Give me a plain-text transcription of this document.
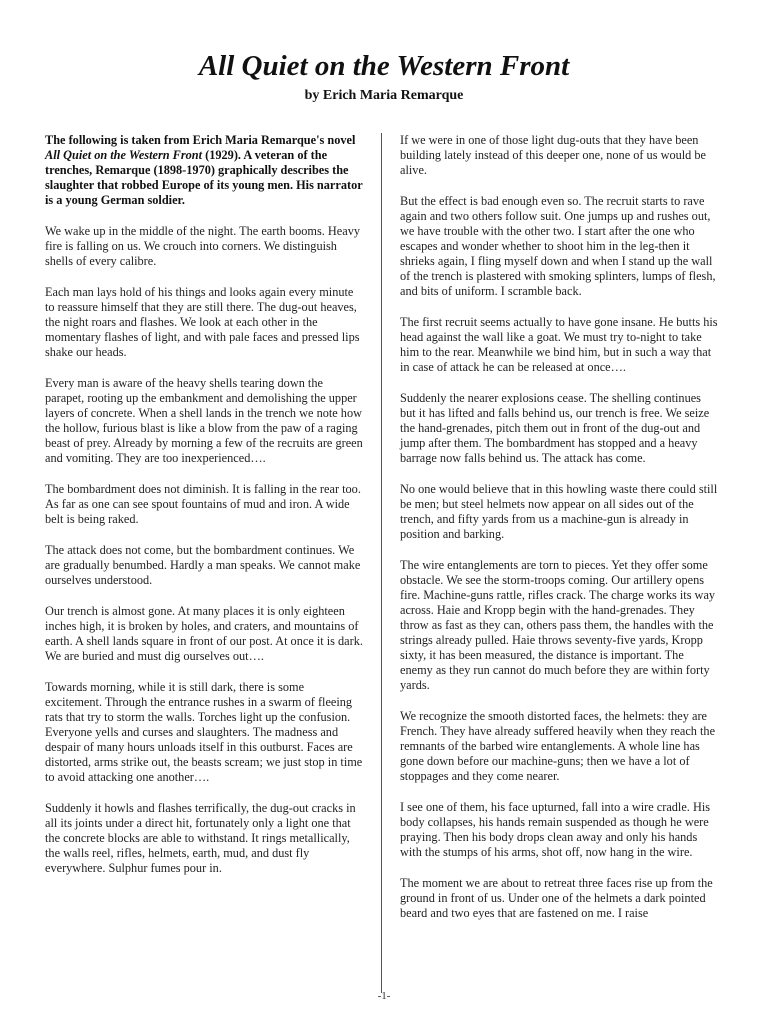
All Quiet on the Western Front
by Erich Maria Remarque

The following is taken from Erich Maria Remarque's novel All Quiet on the Western Front (1929). A veteran of the trenches, Remarque (1898-1970) graphically describes the slaughter that robbed Europe of its young men. His narrator is a young German soldier.

We wake up in the middle of the night. The earth booms. Heavy fire is falling on us. We crouch into corners. We distinguish shells of every calibre.

Each man lays hold of his things and looks again every minute to reassure himself that they are still there. The dug-out heaves, the night roars and flashes. We look at each other in the momentary flashes of light, and with pale faces and pressed lips shake our heads.

Every man is aware of the heavy shells tearing down the parapet, rooting up the embankment and demolishing the upper layers of concrete. When a shell lands in the trench we note how the hollow, furious blast is like a blow from the paw of a raging beast of prey. Already by morning a few of the recruits are green and vomiting. They are too inexperienced….

The bombardment does not diminish. It is falling in the rear too. As far as one can see spout fountains of mud and iron. A wide belt is being raked.

The attack does not come, but the bombardment continues. We are gradually benumbed. Hardly a man speaks. We cannot make ourselves understood.

Our trench is almost gone. At many places it is only eighteen inches high, it is broken by holes, and craters, and mountains of earth. A shell lands square in front of our post. At once it is dark. We are buried and must dig ourselves out….

Towards morning, while it is still dark, there is some excitement. Through the entrance rushes in a swarm of fleeing rats that try to storm the walls. Torches light up the confusion. Everyone yells and curses and slaughters. The madness and despair of many hours unloads itself in this outburst. Faces are distorted, arms strike out, the beasts scream; we just stop in time to avoid attacking one another….

Suddenly it howls and flashes terrifically, the dug-out cracks in all its joints under a direct hit, fortunately only a light one that the concrete blocks are able to withstand. It rings metallically, the walls reel, rifles, helmets, earth, mud, and dust fly everywhere. Sulphur fumes pour in.

If we were in one of those light dug-outs that they have been building lately instead of this deeper one, none of us would be alive.

But the effect is bad enough even so. The recruit starts to rave again and two others follow suit. One jumps up and rushes out, we have trouble with the other two. I start after the one who escapes and wonder whether to shoot him in the leg-then it shrieks again, I fling myself down and when I stand up the wall of the trench is plastered with smoking splinters, lumps of flesh, and bits of uniform. I scramble back.

The first recruit seems actually to have gone insane. He butts his head against the wall like a goat. We must try to-night to take him to the rear. Meanwhile we bind him, but in such a way that in case of attack he can be released at once….

Suddenly the nearer explosions cease. The shelling continues but it has lifted and falls behind us, our trench is free. We seize the hand-grenades, pitch them out in front of the dug-out and jump after them. The bombardment has stopped and a heavy barrage now falls behind us. The attack has come.

No one would believe that in this howling waste there could still be men; but steel helmets now appear on all sides out of the trench, and fifty yards from us a machine-gun is already in position and barking.

The wire entanglements are torn to pieces. Yet they offer some obstacle. We see the storm-troops coming. Our artillery opens fire. Machine-guns rattle, rifles crack. The charge works its way across. Haie and Kropp begin with the hand-grenades. They throw as fast as they can, others pass them, the handles with the strings already pulled. Haie throws seventy-five yards, Kropp sixty, it has been measured, the distance is important. The enemy as they run cannot do much before they are within forty yards.

We recognize the smooth distorted faces, the helmets: they are French. They have already suffered heavily when they reach the remnants of the barbed wire entanglements. A whole line has gone down before our machine-guns; then we have a lot of stoppages and they come nearer.

I see one of them, his face upturned, fall into a wire cradle. His body collapses, his hands remain suspended as though he were praying. Then his body drops clean away and only his hands with the stumps of his arms, shot off, now hang in the wire.

The moment we are about to retreat three faces rise up from the ground in front of us. Under one of the helmets a dark pointed beard and two eyes that are fastened on me. I raise

-1-
